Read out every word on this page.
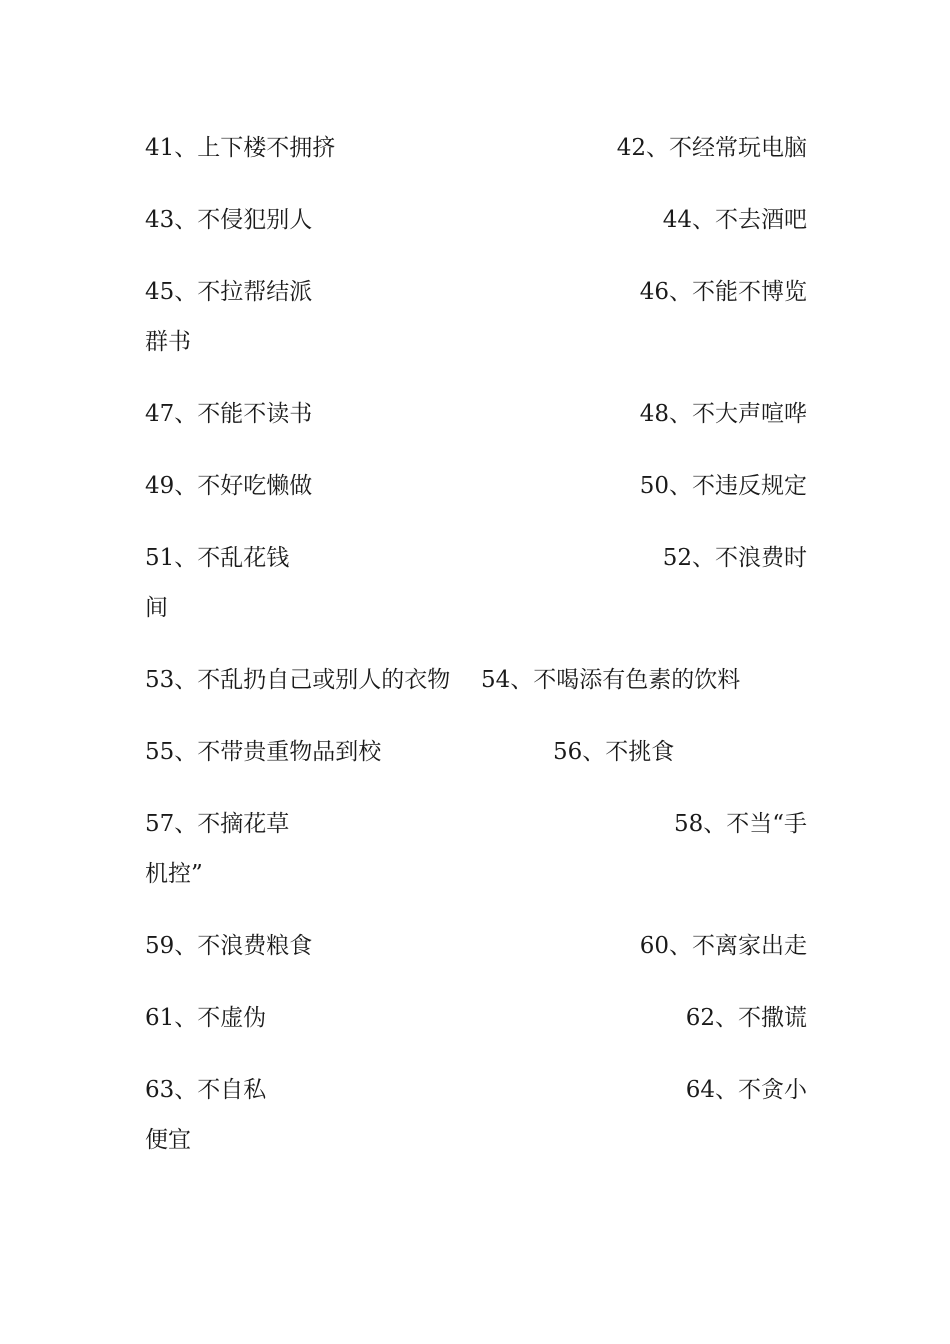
41、上下楼不拥挤	42、不经常玩电脑
43、不侵犯别人	44、不去酒吧
45、不拉帮结派	46、不能不博览
群书
47、不能不读书	48、不大声喧哗
49、不好吃懒做	50、不违反规定
51、不乱花钱	52、不浪费时
间
53、不乱扔自己或别人的衣物 54、不喝添有色素的饮料
55、不带贵重物品到校	56、不挑食
57、不摘花草	58、不当“手
机控”
59、不浪费粮食	60、不离家出走
61、不虚伪	62、不撒谎
63、不自私	64、不贪小
便宜
